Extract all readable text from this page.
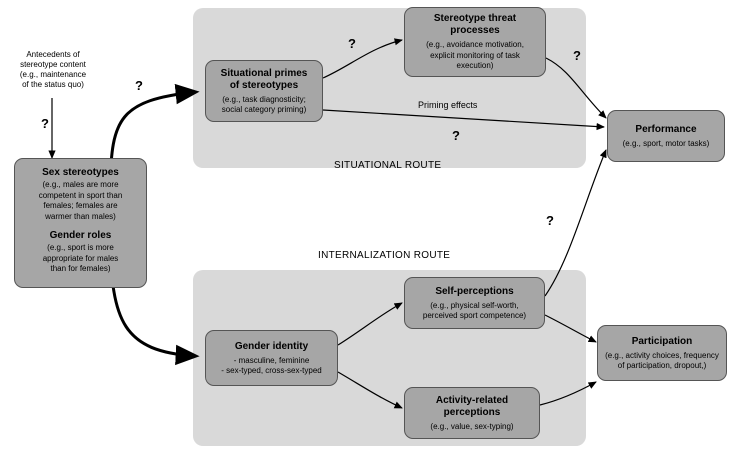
Antecedents of
stereotype content
(e.g., maintenance
of the status quo)
Sex stereotypes
(e.g., males are more
competent in sport than
females; females are
warmer than males)
Gender roles
(e.g., sport is more
appropriate for males
than for females)
Situational primes
of stereotypes
(e.g., task diagnosticity;
social category priming)
Stereotype threat
processes
(e.g., avoidance motivation,
explicit monitoring of task
execution)
Performance
(e.g., sport, motor tasks)
Gender identity
- masculine, feminine
- sex-typed, cross-sex-typed
Self-perceptions
(e.g., physical self-worth,
perceived sport competence)
Activity-related
perceptions
(e.g., value, sex-typing)
Participation
(e.g., activity choices, frequency
of participation, dropout,)
Priming effects
?
?
?
?
?
?
SITUATIONAL ROUTE
INTERNALIZATION ROUTE
